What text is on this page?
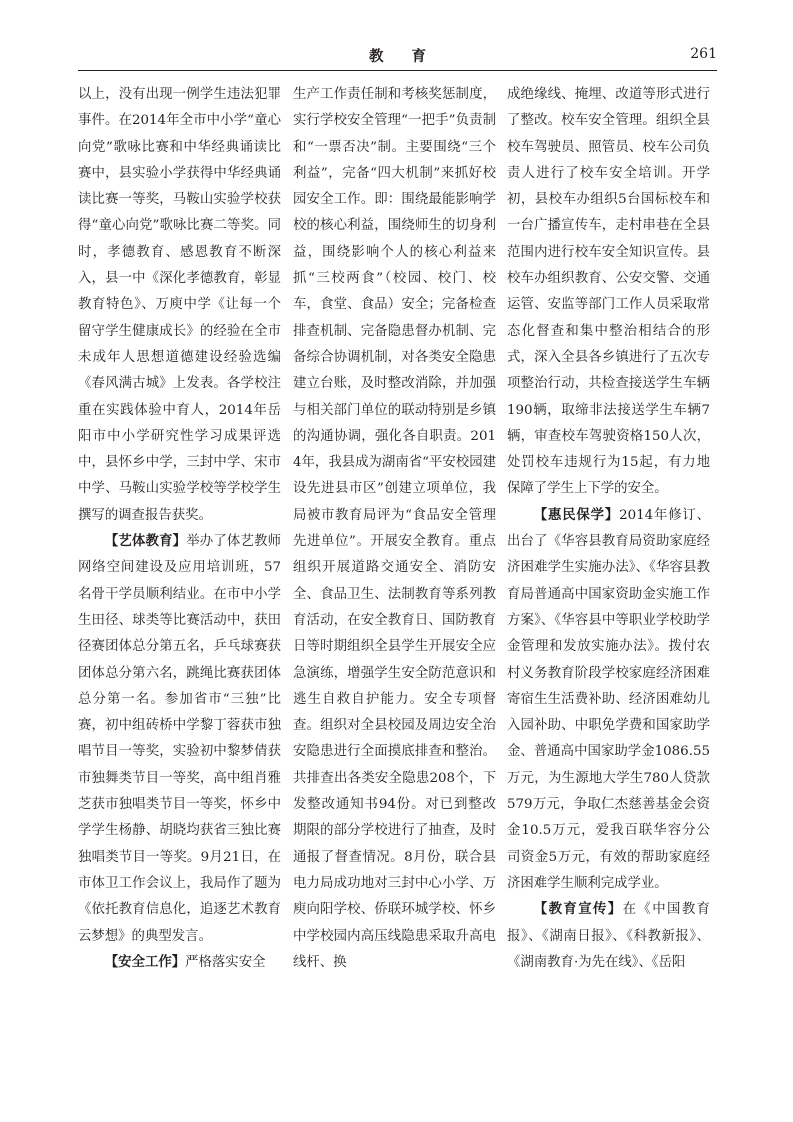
教育	261

以上，没有出现一例学生违法犯罪事件。在2014年全市中小学“童心向党”歌咏比赛和中华经典诵读比赛中，县实验小学获得中华经典诵读比赛一等奖，马鞍山实验学校获得“童心向党”歌咏比赛二等奖。同时，孝德教育、感恩教育不断深入，县一中《深化孝德教育，彰显教育特色》、万庾中学《让每一个留守学生健康成长》的经验在全市未成年人思想道德建设经验选编《春风满古城》上发表。各学校注重在实践体验中育人，2014年岳阳市中小学研究性学习成果评选中，县怀乡中学，三封中学、宋市中学、马鞍山实验学校等学校学生撰写的调查报告获奖。

【艺体教育】举办了体艺教师网络空间建设及应用培训班，57名骨干学员顺利结业。在市中小学生田径、球类等比赛活动中，获田径赛团体总分第五名，乒乓球赛获团体总分第六名，跳绳比赛获团体总分第一名。参加省市“三独”比赛，初中组砖桥中学黎丁蓉获市独唱节目一等奖，实验初中黎梦倩获市独舞类节目一等奖，高中组肖雅芝获市独唱类节目一等奖，怀乡中学学生杨静、胡晓均获省三独比赛独唱类节目一等奖。9月21日，在市体卫工作会议上，我局作了题为《依托教育信息化，追逐艺术教育云梦想》的典型发言。

【安全工作】严格落实安全

生产工作责任制和考核奖惩制度，实行学校安全管理“一把手”负责制和“一票否决”制。主要围绕“三个利益”，完备“四大机制”来抓好校园安全工作。即：围绕最能影响学校的核心利益，围绕师生的切身利益，围绕影响个人的核心利益来抓“三校两食”（校园、校门、校车，食堂、食品）安全；完备检查排查机制、完备隐患督办机制、完备综合协调机制，对各类安全隐患建立台账，及时整改消除，并加强与相关部门单位的联动特别是乡镇的沟通协调，强化各自职责。2014年，我县成为湖南省“平安校园建设先进县市区”创建立项单位，我局被市教育局评为“食品安全管理先进单位”。开展安全教育。重点组织开展道路交通安全、消防安全、食品卫生、法制教育等系列教育活动，在安全教育日、国防教育日等时期组织全县学生开展安全应急演练，增强学生安全防范意识和逃生自救自护能力。安全专项督查。组织对全县校园及周边安全治安隐患进行全面摸底排查和整治。共排查出各类安全隐患208个，下发整改通知书94份。对已到整改期限的部分学校进行了抽查，及时通报了督查情况。8月份，联合县电力局成功地对三封中心小学、万庾向阳学校、侨联环城学校、怀乡中学校园内高压线隐患采取升高电线杆、换

成绝缘线、掩埋、改道等形式进行了整改。校车安全管理。组织全县校车驾驶员、照管员、校车公司负责人进行了校车安全培训。开学初，县校车办组织5台国标校车和一台广播宣传车，走村串巷在全县范围内进行校车安全知识宣传。县校车办组织教育、公安交警、交通运管、安监等部门工作人员采取常态化督查和集中整治相结合的形式，深入全县各乡镇进行了五次专项整治行动，共检查接送学生车辆190辆，取缔非法接送学生车辆7辆，审查校车驾驶资格150人次，处罚校车违规行为15起，有力地保障了学生上下学的安全。

【惠民保学】2014年修订、出台了《华容县教育局资助家庭经济困难学生实施办法》、《华容县教育局普通高中国家资助金实施工作方案》、《华容县中等职业学校助学金管理和发放实施办法》。拨付农村义务教育阶段学校家庭经济困难寄宿生生活费补助、经济困难幼儿入园补助、中职免学费和国家助学金、普通高中国家助学金1086.55万元，为生源地大学生780人贷款579万元，争取仁杰慈善基金会资金10.5万元，爱我百联华容分公司资金5万元，有效的帮助家庭经济困难学生顺利完成学业。

【教育宣传】在《中国教育报》、《湖南日报》、《科教新报》、《湖南教育·为先在线》、《岳阳
